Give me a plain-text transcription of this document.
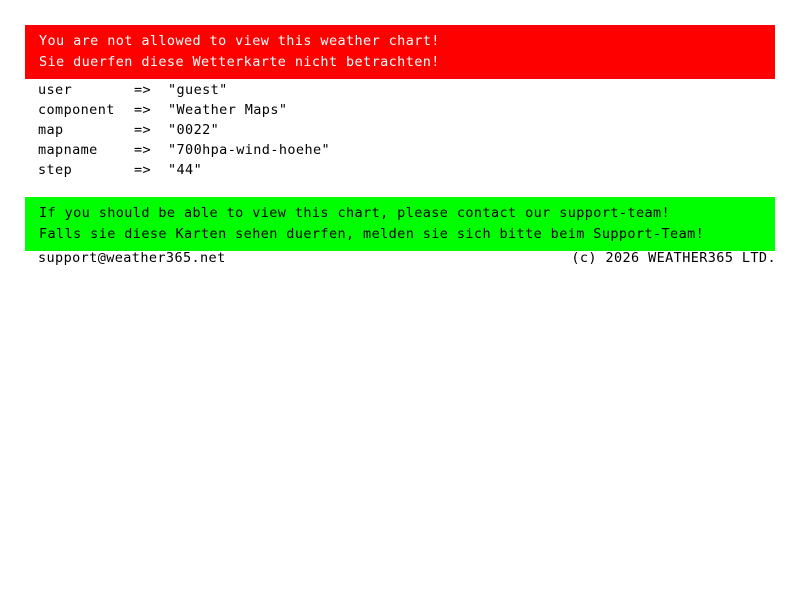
You are not allowed to view this weather chart!
Sie duerfen diese Wetterkarte nicht betrachten!
user	=> "guest"
component => "Weather Maps"
map	=> "0022"
mapname	=> "700hpa-wind-hoehe"
step	=> "44"
If you should be able to view this chart, please contact our support-team!
Falls sie diese Karten sehen duerfen, melden sie sich bitte beim Support-Team!
support@weather365.net	(c) 2026 WEATHER365 LTD.
